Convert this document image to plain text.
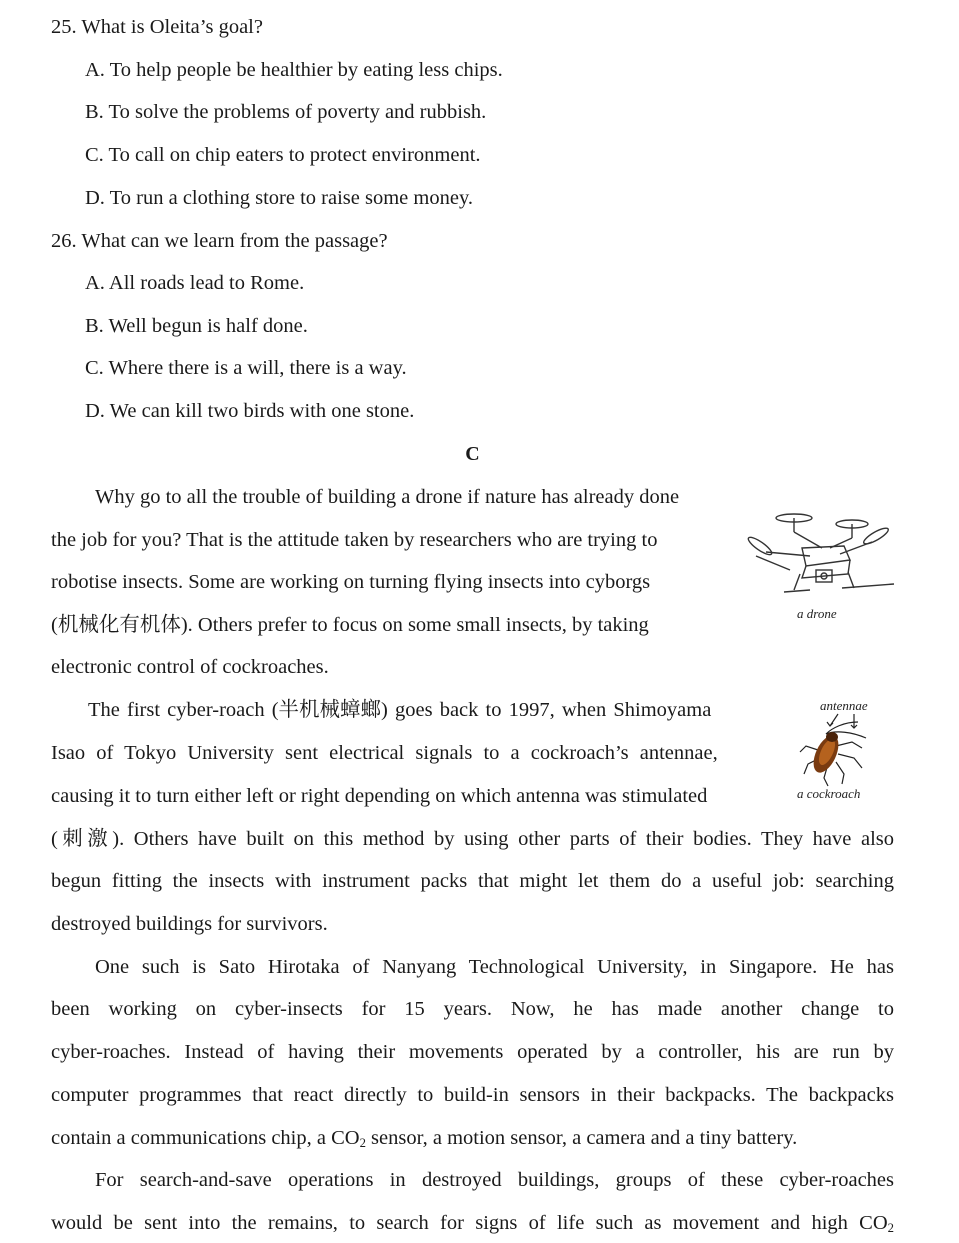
25. What is Oleita’s goal?
A. To help people be healthier by eating less chips.
B. To solve the problems of poverty and rubbish.
C. To call on chip eaters to protect environment.
D. To run a clothing store to raise some money.
26. What can we learn from the passage?
A. All roads lead to Rome.
B. Well begun is half done.
C. Where there is a will, there is a way.
D. We can kill two birds with one stone.
C
Why go to all the trouble of building a drone if nature has already done
the job for you? That is the attitude taken by researchers who are trying to
robotise insects. Some are working on turning flying insects into cyborgs
(机械化有机体). Others prefer to focus on some small insects, by taking
electronic control of cockroaches.
a drone
The first cyber-roach (半机械蟑螂) goes back to 1997, when Shimoyama
Isao of Tokyo University sent electrical signals to a cockroach’s antennae,
causing it to turn either left or right depending on which antenna was stimulated
(刺激). Others have built on this method by using other parts of their bodies. They have also
begun fitting the insects with instrument packs that might let them do a useful job: searching
destroyed buildings for survivors.
antennae
a cockroach
One such is Sato Hirotaka of Nanyang Technological University, in Singapore. He has
been working on cyber-insects for 15 years. Now, he has made another change to
cyber-roaches. Instead of having their movements operated by a controller, his are run by
computer programmes that react directly to build-in sensors in their backpacks. The backpacks
contain a communications chip, a $CO_2$ sensor, a motion sensor, a camera and a tiny battery.
For search-and-save operations in destroyed buildings, groups of these cyber-roaches
would be sent into the remains, to search for signs of life such as movement and high $CO_2$
